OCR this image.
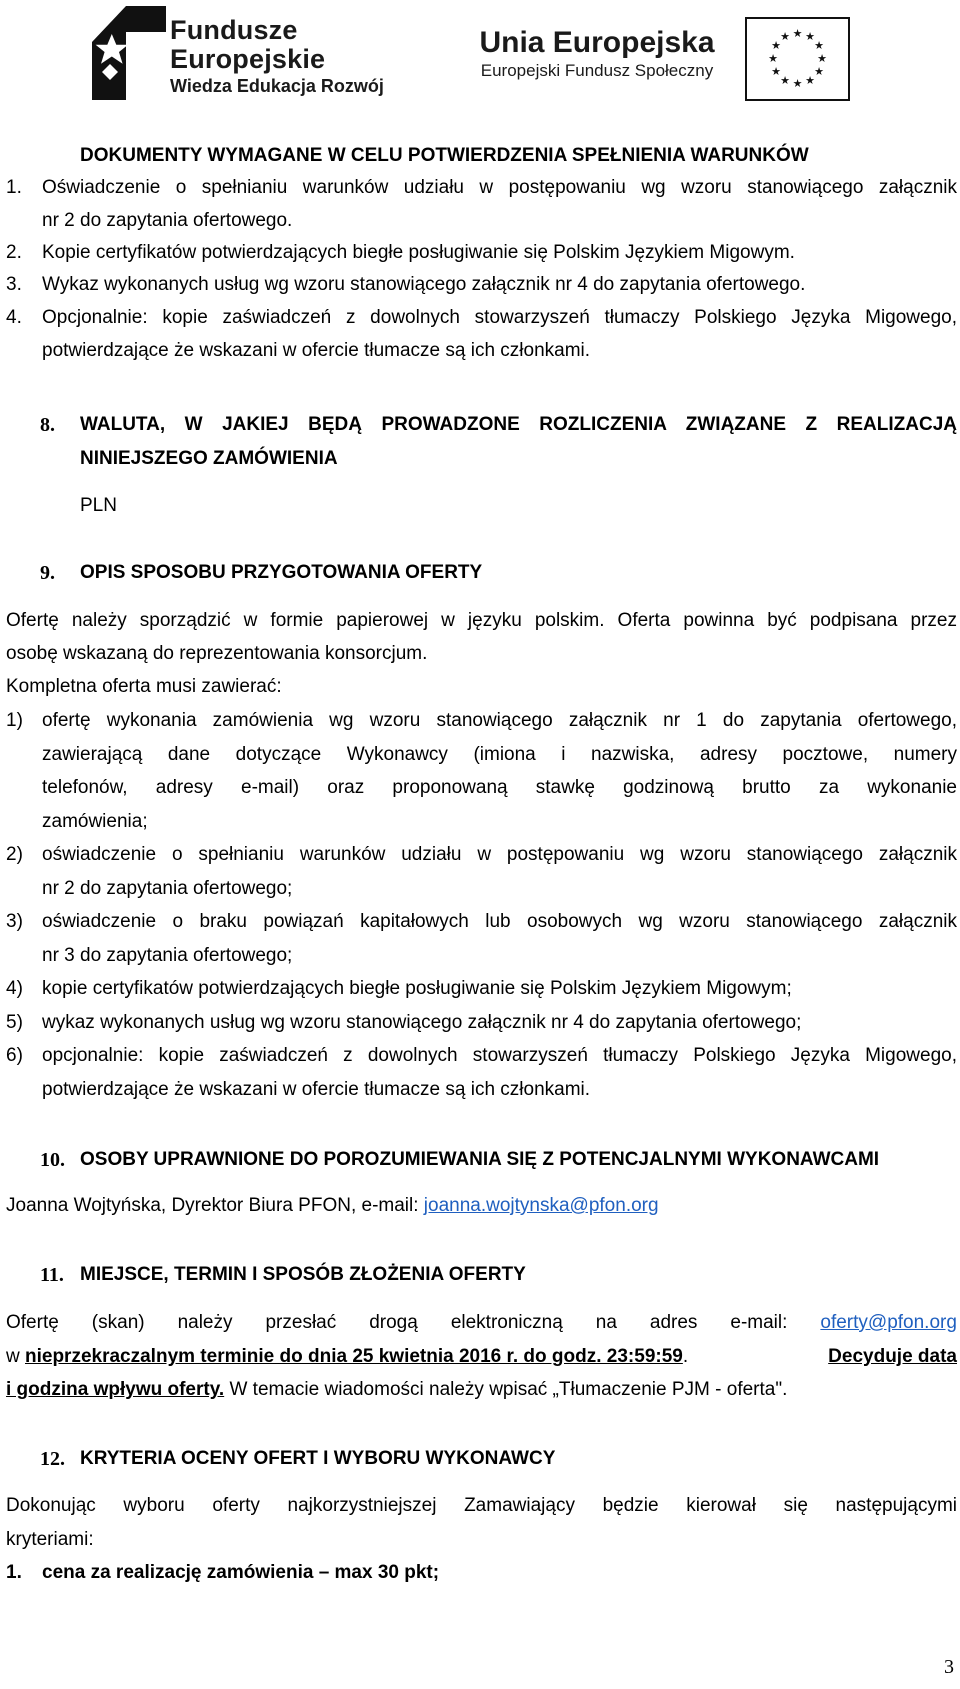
Fundusze
Europejskie
Wiedza Edukacja Rozwój
Unia Europejska
Europejski Fundusz Społeczny
★ ★
★
★
★
★
★
★
★
★
★
★
DOKUMENTY WYMAGANE W CELU POTWIERDZENIA SPEŁNIENIA WARUNKÓW
1. Oświadczenie o spełnianiu warunków udziału w postępowaniu wg wzoru stanowiącego załącznik
nr 2 do zapytania ofertowego.
2. Kopie certyfikatów potwierdzających biegłe posługiwanie się Polskim Językiem Migowym.
3. Wykaz wykonanych usług wg wzoru stanowiącego załącznik nr 4 do zapytania ofertowego.
4. Opcjonalnie: kopie zaświadczeń z dowolnych stowarzyszeń tłumaczy Polskiego Języka Migowego,
potwierdzające że wskazani w ofercie tłumacze są ich członkami.
8. WALUTA, W JAKIEJ BĘDĄ PROWADZONE ROZLICZENIA ZWIĄZANE Z REALIZACJĄ
NINIEJSZEGO ZAMÓWIENIA
PLN
9. OPIS SPOSOBU PRZYGOTOWANIA OFERTY
Ofertę należy sporządzić w formie papierowej w języku polskim. Oferta powinna być podpisana przez
osobę wskazaną do reprezentowania konsorcjum.
Kompletna oferta musi zawierać:
1) ofertę wykonania zamówienia wg wzoru stanowiącego załącznik nr 1 do zapytania ofertowego,
zawierającą dane dotyczące Wykonawcy (imiona i nazwiska, adresy pocztowe, numery
telefonów, adresy e-mail) oraz proponowaną stawkę godzinową brutto za wykonanie
zamówienia;
2) oświadczenie o spełnianiu warunków udziału w postępowaniu wg wzoru stanowiącego załącznik
nr 2 do zapytania ofertowego;
3) oświadczenie o braku powiązań kapitałowych lub osobowych wg wzoru stanowiącego załącznik
nr 3 do zapytania ofertowego;
4) kopie certyfikatów potwierdzających biegłe posługiwanie się Polskim Językiem Migowym;
5) wykaz wykonanych usług wg wzoru stanowiącego załącznik nr 4 do zapytania ofertowego;
6) opcjonalnie: kopie zaświadczeń z dowolnych stowarzyszeń tłumaczy Polskiego Języka Migowego,
potwierdzające że wskazani w ofercie tłumacze są ich członkami.
10. OSOBY UPRAWNIONE DO POROZUMIEWANIA SIĘ Z POTENCJALNYMI WYKONAWCAMI
Joanna Wojtyńska, Dyrektor Biura PFON, e-mail: joanna.wojtynska@pfon.org
11. MIEJSCE, TERMIN I SPOSÓB ZŁOŻENIA OFERTY
Ofertę (skan) należy przesłać drogą elektroniczną na adres e-mail: oferty@pfon.org
w nieprzekraczalnym terminie do dnia 25 kwietnia 2016 r. do godz. 23:59:59.	Decyduje data
i godzina wpływu oferty. W temacie wiadomości należy wpisać „Tłumaczenie PJM - oferta".
12. KRYTERIA OCENY OFERT I WYBORU WYKONAWCY
Dokonując wyboru oferty najkorzystniejszej Zamawiający będzie kierował się następującymi
kryteriami:
1. cena za realizację zamówienia – max 30 pkt;
3
